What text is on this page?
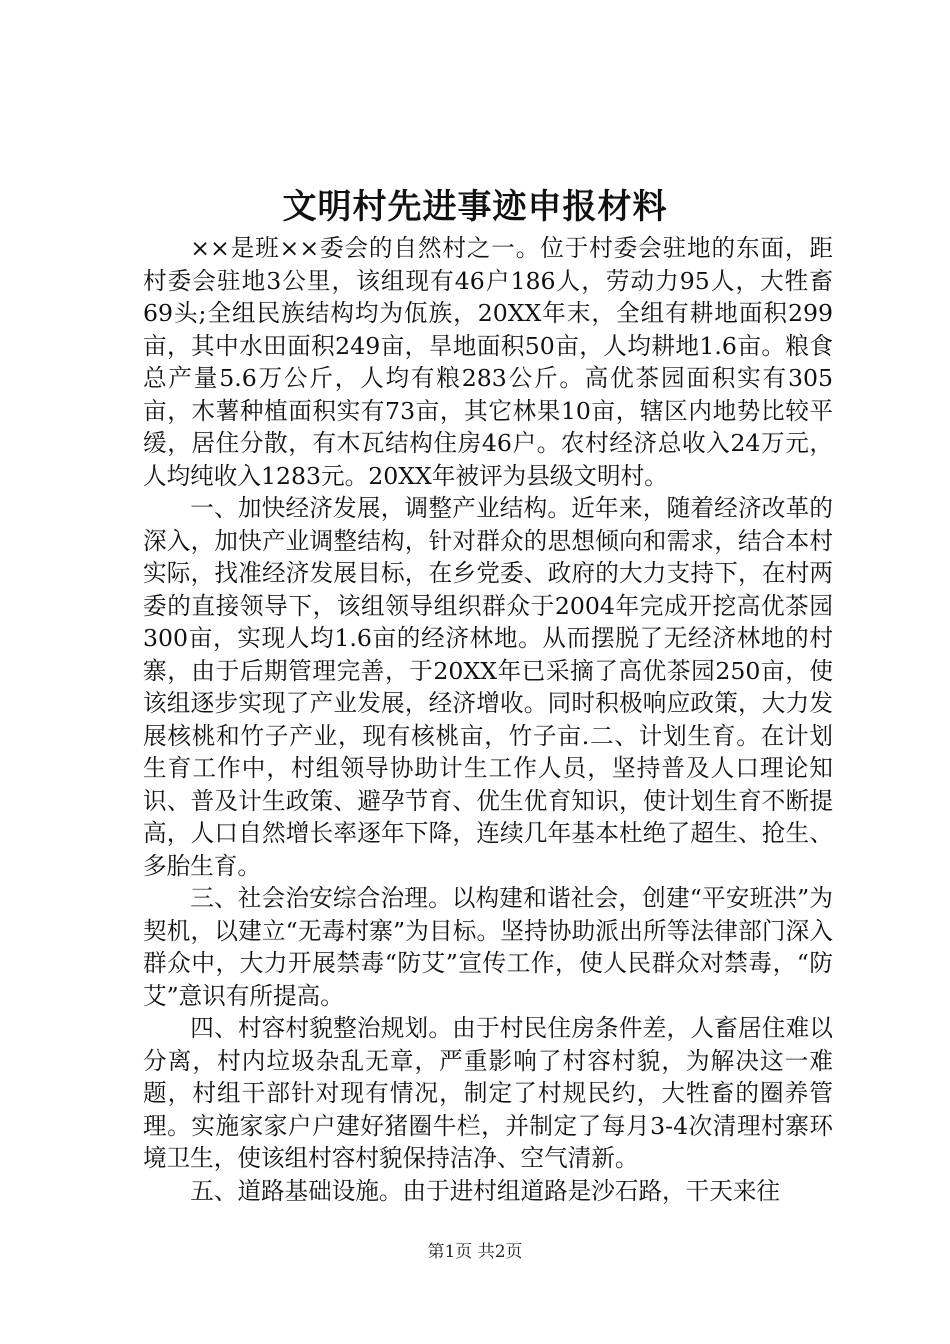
文明村先进事迹申报材料

××是班××委会的自然村之一。位于村委会驻地的东面，距村委会驻地3公里，该组现有46户186人，劳动力95人，大牲畜69头;全组民族结构均为佤族，20XX年末，全组有耕地面积299亩，其中水田面积249亩，旱地面积50亩，人均耕地1.6亩。粮食总产量5.6万公斤，人均有粮283公斤。高优茶园面积实有305亩，木薯种植面积实有73亩，其它林果10亩，辖区内地势比较平缓，居住分散，有木瓦结构住房46户。农村经济总收入24万元，人均纯收入1283元。20XX年被评为县级文明村。

一、加快经济发展，调整产业结构。近年来，随着经济改革的深入，加快产业调整结构，针对群众的思想倾向和需求，结合本村实际，找准经济发展目标，在乡党委、政府的大力支持下，在村两委的直接领导下，该组领导组织群众于2004年完成开挖高优茶园300亩，实现人均1.6亩的经济林地。从而摆脱了无经济林地的村寨，由于后期管理完善，于20XX年已采摘了高优茶园250亩，使该组逐步实现了产业发展，经济增收。同时积极响应政策，大力发展核桃和竹子产业，现有核桃亩，竹子亩.二、计划生育。在计划生育工作中，村组领导协助计生工作人员，坚持普及人口理论知识、普及计生政策、避孕节育、优生优育知识，使计划生育不断提高，人口自然增长率逐年下降，连续几年基本杜绝了超生、抢生、多胎生育。

三、社会治安综合治理。以构建和谐社会，创建“平安班洪”为契机，以建立“无毒村寨”为目标。坚持协助派出所等法律部门深入群众中，大力开展禁毒“防艾”宣传工作，使人民群众对禁毒，“防艾”意识有所提高。

四、村容村貌整治规划。由于村民住房条件差，人畜居住难以分离，村内垃圾杂乱无章，严重影响了村容村貌，为解决这一难题，村组干部针对现有情况，制定了村规民约，大牲畜的圈养管理。实施家家户户建好猪圈牛栏，并制定了每月3-4次清理村寨环境卫生，使该组村容村貌保持洁净、空气清新。

五、道路基础设施。由于进村组道路是沙石路，干天来往

第1页 共2页
